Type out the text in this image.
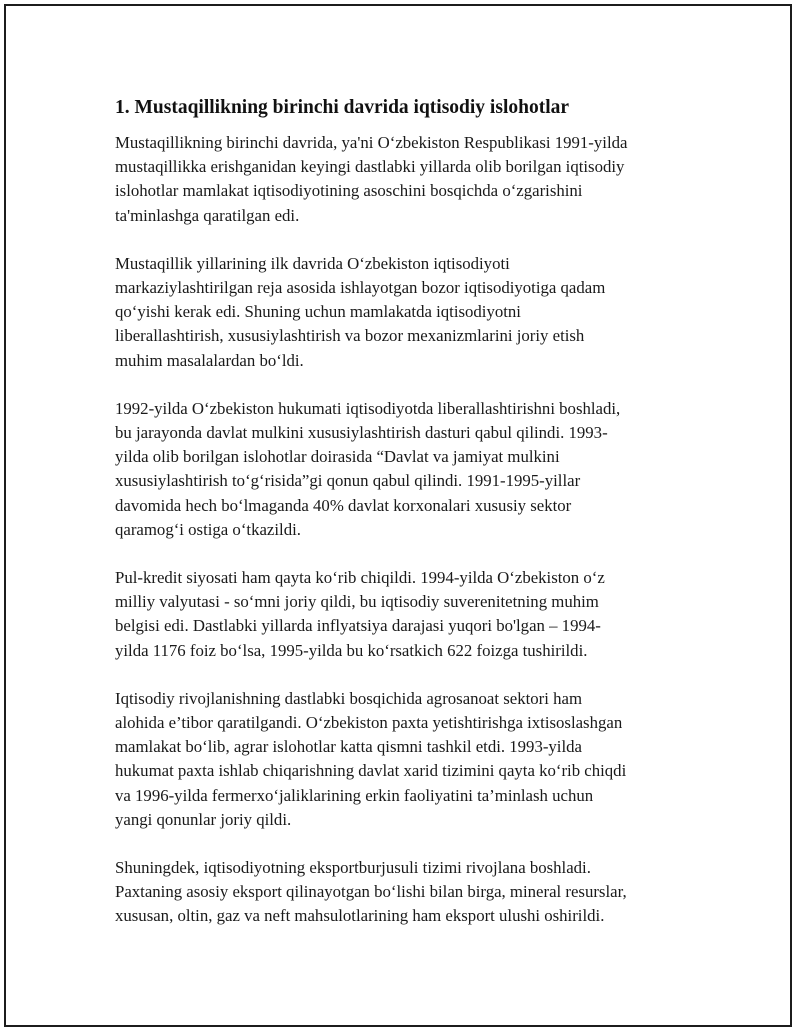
1. Mustaqillikning birinchi davrida iqtisodiy islohotlar
Mustaqillikning birinchi davrida, ya'ni O‘zbekiston Respublikasi 1991-yilda
mustaqillikka erishganidan keyingi dastlabki yillarda olib borilgan iqtisodiy
islohotlar mamlakat iqtisodiyotining asoschini bosqichda o‘zgarishini
ta'minlashga qaratilgan edi.
Mustaqillik yillarining ilk davrida O‘zbekiston iqtisodiyoti
markaziylashtirilgan reja asosida ishlayotgan bozor iqtisodiyotiga qadam
qo‘yishi kerak edi. Shuning uchun mamlakatda iqtisodiyotni
liberallashtirish, xususiylashtirish va bozor mexanizmlarini joriy etish
muhim masalalardan bo‘ldi.
1992-yilda O‘zbekiston hukumati iqtisodiyotda liberallashtirishni boshladi,
bu jarayonda davlat mulkini xususiylashtirish dasturi qabul qilindi. 1993-
yilda olib borilgan islohotlar doirasida “Davlat va jamiyat mulkini
xususiylashtirish to‘g‘risida”gi qonun qabul qilindi. 1991-1995-yillar
davomida hech bo‘lmaganda 40% davlat korxonalari xususiy sektor
qaramog‘i ostiga o‘tkazildi.
Pul-kredit siyosati ham qayta ko‘rib chiqildi. 1994-yilda O‘zbekiston o‘z
milliy valyutasi - so‘mni joriy qildi, bu iqtisodiy suverenitetning muhim
belgisi edi. Dastlabki yillarda inflyatsiya darajasi yuqori bo'lgan – 1994-
yilda 1176 foiz bo‘lsa, 1995-yilda bu ko‘rsatkich 622 foizga tushirildi.
Iqtisodiy rivojlanishning dastlabki bosqichida agrosanoat sektori ham
alohida e’tibor qaratilgandi. O‘zbekiston paxta yetishtirishga ixtisoslashgan
mamlakat bo‘lib, agrar islohotlar katta qismni tashkil etdi. 1993-yilda
hukumat paxta ishlab chiqarishning davlat xarid tizimini qayta ko‘rib chiqdi
va 1996-yilda fermerxo‘jaliklarining erkin faoliyatini ta’minlash uchun
yangi qonunlar joriy qildi.
Shuningdek, iqtisodiyotning eksportburjusuli tizimi rivojlana boshladi.
Paxtaning asosiy eksport qilinayotgan bo‘lishi bilan birga, mineral resurslar,
xususan, oltin, gaz va neft mahsulotlarining ham eksport ulushi oshirildi.
